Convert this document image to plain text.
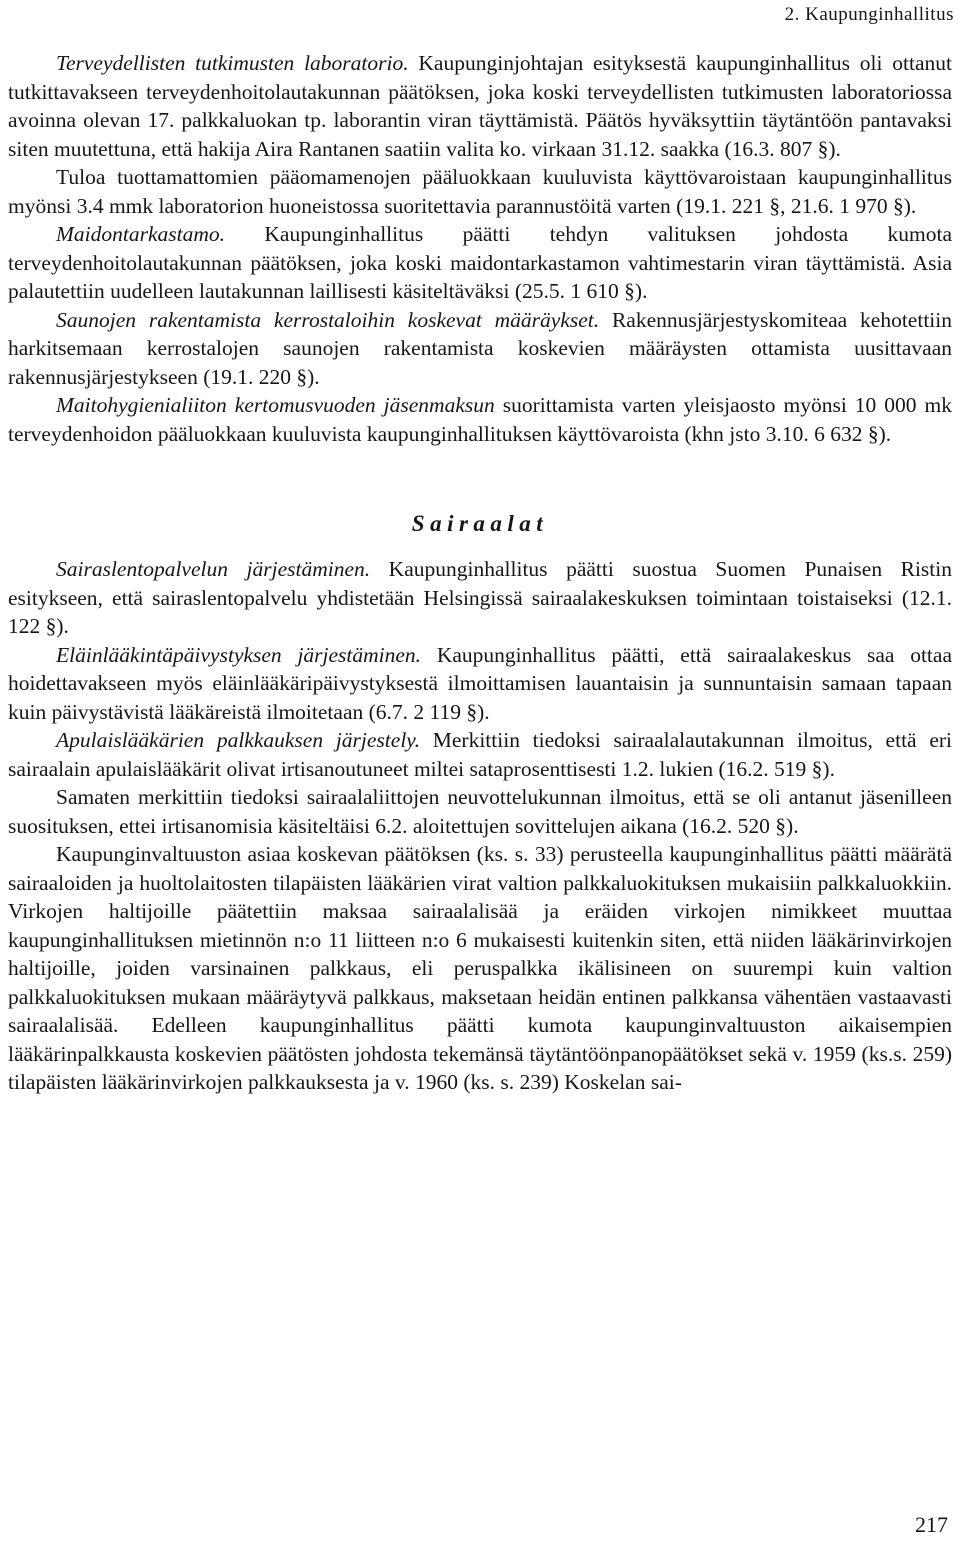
2. Kaupunginhallitus

Terveydellisten tutkimusten laboratorio. Kaupunginjohtajan esityksestä kaupunginhallitus oli ottanut tutkittavakseen terveydenhoitolautakunnan päätöksen, joka koski terveydellisten tutkimusten laboratoriossa avoinna olevan 17. palkkaluokan tp. laborantin viran täyttämistä. Päätös hyväksyttiin täytäntöön pantavaksi siten muutettuna, että hakija Aira Rantanen saatiin valita ko. virkaan 31.12. saakka (16.3. 807 §).

Tuloa tuottamattomien pääomamenojen pääluokkaan kuuluvista käyttövaroistaan kaupunginhallitus myönsi 3.4 mmk laboratorion huoneistossa suoritettavia parannustöitä varten (19.1. 221 §, 21.6. 1 970 §).

Maidontarkastamo. Kaupunginhallitus päätti tehdyn valituksen johdosta kumota terveydenhoitolautakunnan päätöksen, joka koski maidontarkastamon vahtimestarin viran täyttämistä. Asia palautettiin uudelleen lautakunnan laillisesti käsiteltäväksi (25.5. 1 610 §).

Saunojen rakentamista kerrostaloihin koskevat määräykset. Rakennusjärjestyskomiteaa kehotettiin harkitsemaan kerrostalojen saunojen rakentamista koskevien määräysten ottamista uusittavaan rakennusjärjestykseen (19.1. 220 §).

Maitohygienialiiton kertomusvuoden jäsenmaksun suorittamista varten yleisjaosto myönsi 10 000 mk terveydenhoidon pääluokkaan kuuluvista kaupunginhallituksen käyttövaroista (khn jsto 3.10. 6 632 §).

Sairaalat

Sairaslentopalvelun järjestäminen. Kaupunginhallitus päätti suostua Suomen Punaisen Ristin esitykseen, että sairaslentopalvelu yhdistetään Helsingissä sairaalakeskuksen toimintaan toistaiseksi (12.1. 122 §).

Eläinlääkintäpäivystyksen järjestäminen. Kaupunginhallitus päätti, että sairaalakeskus saa ottaa hoidettavakseen myös eläinlääkäripäivystyksestä ilmoittamisen lauantaisin ja sunnuntaisin samaan tapaan kuin päivystävistä lääkäreistä ilmoitetaan (6.7. 2 119 §).

Apulaislääkärien palkkauksen järjestely. Merkittiin tiedoksi sairaalalautakunnan ilmoitus, että eri sairaalain apulaislääkärit olivat irtisanoutuneet miltei sataprosenttisesti 1.2. lukien (16.2. 519 §).

Samaten merkittiin tiedoksi sairaalaliittojen neuvottelukunnan ilmoitus, että se oli antanut jäsenilleen suosituksen, ettei irtisanomisia käsiteltäisi 6.2. aloitettujen sovittelujen aikana (16.2. 520 §).

Kaupunginvaltuuston asiaa koskevan päätöksen (ks. s. 33) perusteella kaupunginhallitus päätti määrätä sairaaloiden ja huoltolaitosten tilapäisten lääkärien virat valtion palkkaluokituksen mukaisiin palkkaluokkiin. Virkojen haltijoille päätettiin maksaa sairaalalisää ja eräiden virkojen nimikkeet muuttaa kaupunginhallituksen mietinnön n:o 11 liitteen n:o 6 mukaisesti kuitenkin siten, että niiden lääkärinvirkojen haltijoille, joiden varsinainen palkkaus, eli peruspalkka ikälisineen on suurempi kuin valtion palkkaluokituksen mukaan määräytyvä palkkaus, maksetaan heidän entinen palkkansa vähentäen vastaavasti sairaalalisää. Edelleen kaupunginhallitus päätti kumota kaupunginvaltuuston aikaisempien lääkärinpalkkausta koskevien päätösten johdosta tekemänsä täytäntöönpanopäätökset sekä v. 1959 (ks.s. 259) tilapäisten lääkärinvirkojen palkkauksesta ja v. 1960 (ks. s. 239) Koskelan sai-

217
